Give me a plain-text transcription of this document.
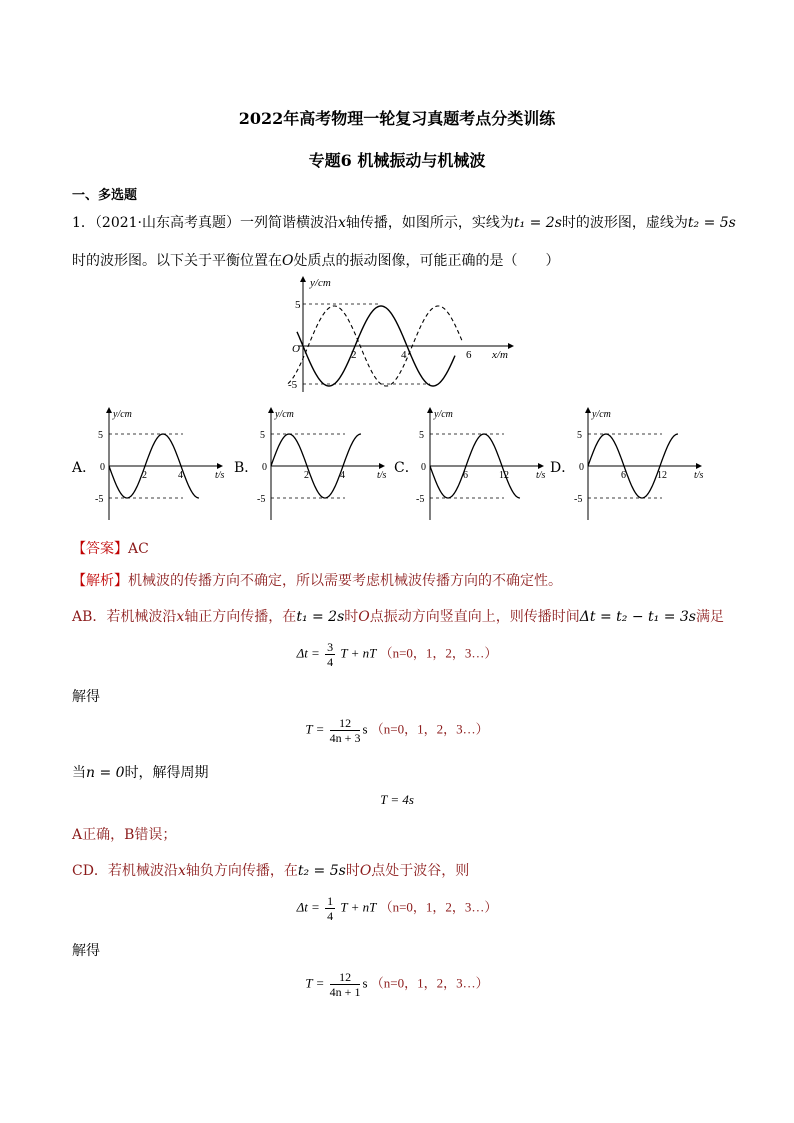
2022年高考物理一轮复习真题考点分类训练
专题6 机械振动与机械波
一、多选题
1．（2021·山东高考真题）一列简谐横波沿x轴传播，如图所示，实线为t₁ = 2s时的波形图，虚线为t₂ = 5s
时的波形图。以下关于平衡位置在O处质点的振动图像，可能正确的是（　　）
y/cm
x/m
O
5
-5
2	4	6
A．	B．	C．	D．
y/cm
5
-5
0
2	4	t/s
y/cm
5
-5
0
2	4	t/s
y/cm
5
-5
0
6	12	t/s
y/cm
5
-5
0
6	12	t/s
【答案】AC
【解析】机械波的传播方向不确定，所以需要考虑机械波传播方向的不确定性。
AB．若机械波沿x轴正方向传播，在t₁ = 2s时O点振动方向竖直向上，则传播时间Δt = t₂ − t₁ = 3s满足
$\Delta t = \frac{3}{4}$ T + nT （n=0，1，2，3…）
解得
$T = \frac{12}{4n + 3}$ s （n=0，1，2，3…）
当n = 0时，解得周期
T = 4s
A正确，B错误；
CD．若机械波沿x轴负方向传播，在t₂ = 5s时O点处于波谷，则
$\Delta t = \frac{1}{4}$ T + nT （n=0，1，2，3…）
解得
$T = \frac{12}{4n + 1}$ s （n=0，1，2，3…）
